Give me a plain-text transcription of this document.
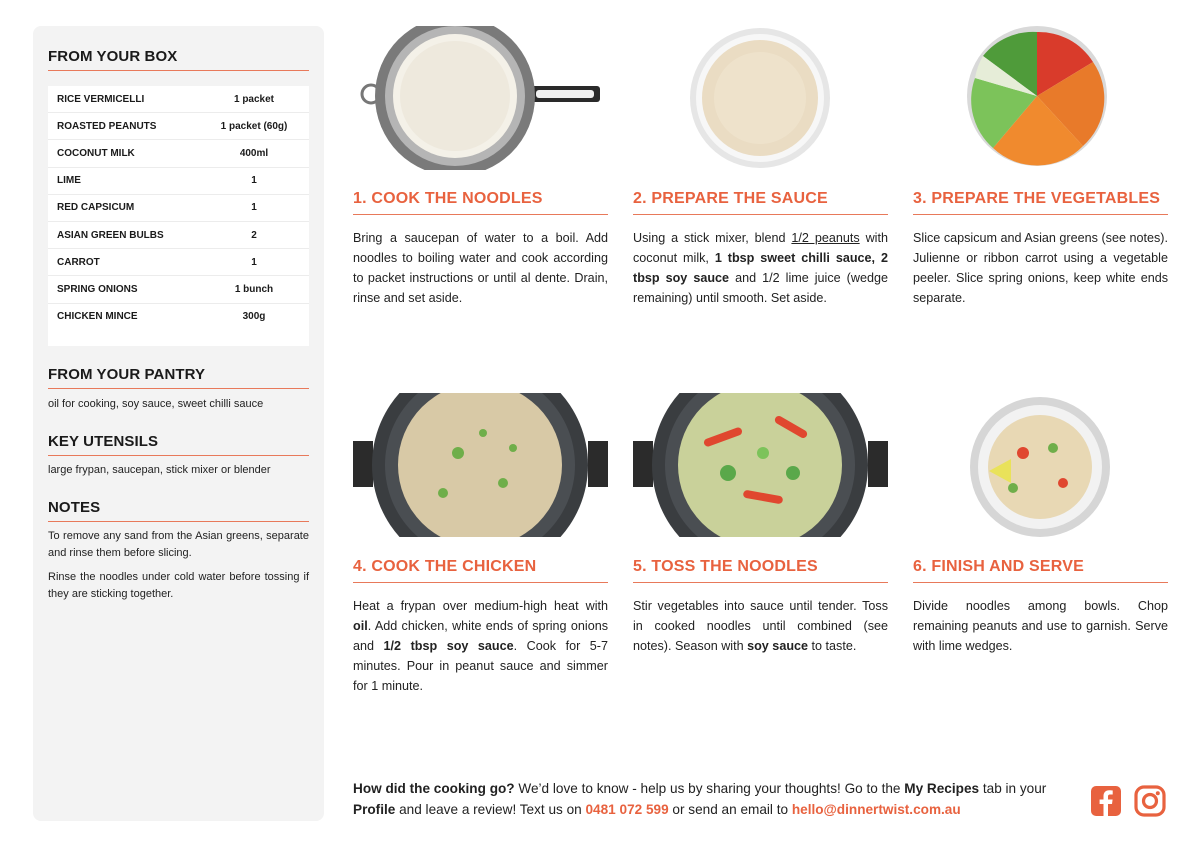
FROM YOUR BOX
RICE VERMICELLI	1 packet
ROASTED PEANUTS	1 packet (60g)
COCONUT MILK	400ml
LIME	1
RED CAPSICUM	1
ASIAN GREEN BULBS	2
CARROT	1
SPRING ONIONS	1 bunch
CHICKEN MINCE	300g
FROM YOUR PANTRY
oil for cooking, soy sauce, sweet chilli sauce
KEY UTENSILS
large frypan, saucepan, stick mixer or blender
NOTES
To remove any sand from the Asian greens, separate and rinse them before slicing.
Rinse the noodles under cold water before tossing if they are sticking together.
1. COOK THE NOODLES
Bring a saucepan of water to a boil. Add noodles to boiling water and cook according to packet instructions or until al dente. Drain, rinse and set aside.
2. PREPARE THE SAUCE
Using a stick mixer, blend 1/2 peanuts with coconut milk, 1 tbsp sweet chilli sauce, 2 tbsp soy sauce and 1/2 lime juice (wedge remaining) until smooth. Set aside.
3. PREPARE THE VEGETABLES
Slice capsicum and Asian greens (see notes). Julienne or ribbon carrot using a vegetable peeler. Slice spring onions, keep white ends separate.
4. COOK THE CHICKEN
Heat a frypan over medium-high heat with oil. Add chicken, white ends of spring onions and 1/2 tbsp soy sauce. Cook for 5-7 minutes. Pour in peanut sauce and simmer for 1 minute.
5. TOSS THE NOODLES
Stir vegetables into sauce until tender. Toss in cooked noodles until combined (see notes). Season with soy sauce to taste.
6. FINISH AND SERVE
Divide noodles among bowls. Chop remaining peanuts and use to garnish. Serve with lime wedges.
How did the cooking go? We’d love to know - help us by sharing your thoughts! Go to the My Recipes tab in your Profile and leave a review! Text us on 0481 072 599 or send an email to hello@dinnertwist.com.au
